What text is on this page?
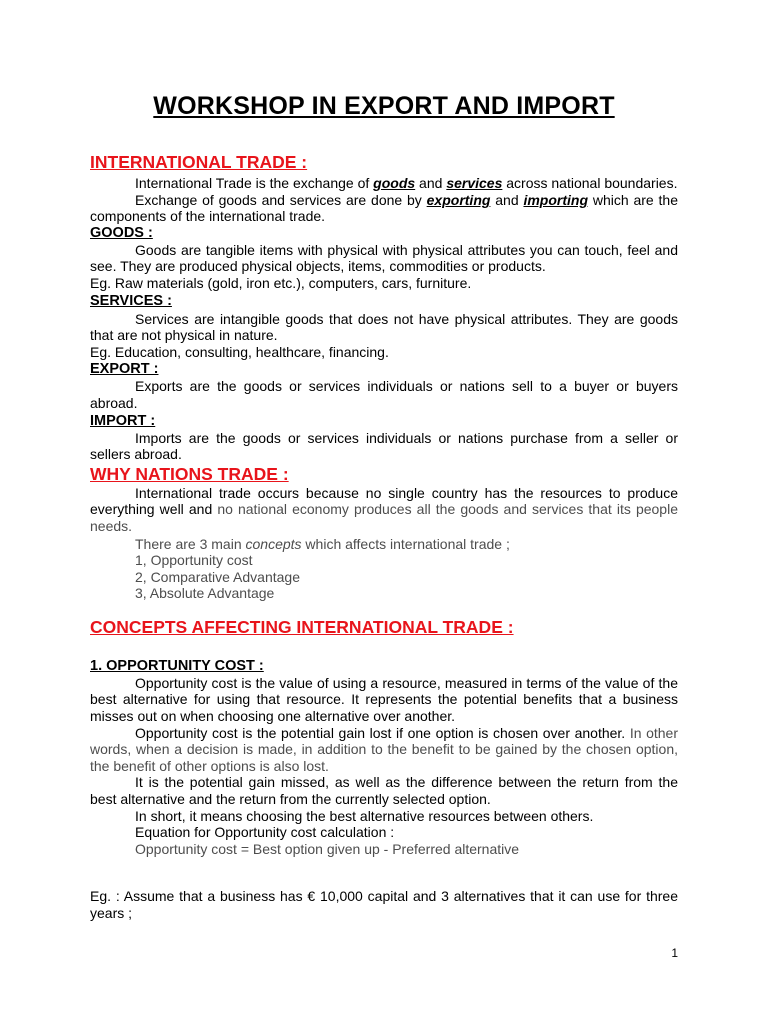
WORKSHOP IN EXPORT AND IMPORT
INTERNATIONAL TRADE :
International Trade is the exchange of goods and services across national boundaries.
Exchange of goods and services are done by exporting and importing which are the components of the international trade.
GOODS :
Goods are tangible items with physical with physical attributes you can touch, feel and see. They are produced physical objects, items, commodities or products.
Eg. Raw materials (gold, iron etc.), computers, cars, furniture.
SERVICES :
Services are intangible goods that does not have physical attributes. They are goods that are not physical in nature.
Eg. Education, consulting, healthcare, financing.
EXPORT :
Exports are the goods or services individuals or nations sell to a buyer or buyers abroad.
IMPORT :
Imports are the goods or services individuals or nations purchase from a seller or sellers abroad.
WHY NATIONS TRADE :
International trade occurs because no single country has the resources to produce everything well and no national economy produces all the goods and services that its people needs.
There are 3 main concepts which affects international trade ;
1, Opportunity cost
2, Comparative Advantage
3, Absolute Advantage
CONCEPTS AFFECTING INTERNATIONAL TRADE :
1. OPPORTUNITY COST :
Opportunity cost is the value of using a resource, measured in terms of the value of the best alternative for using that resource. It represents the potential benefits that a business misses out on when choosing one alternative over another.
Opportunity cost is the potential gain lost if one option is chosen over another. In other words, when a decision is made, in addition to the benefit to be gained by the chosen option, the benefit of other options is also lost.
It is the potential gain missed, as well as the difference between the return from the best alternative and the return from the currently selected option.
In short, it means choosing the best alternative resources between others.
Equation for Opportunity cost calculation :
Opportunity cost = Best option given up - Preferred alternative
Eg. : Assume that a business has € 10,000 capital and 3 alternatives that it can use for three years ;
1
